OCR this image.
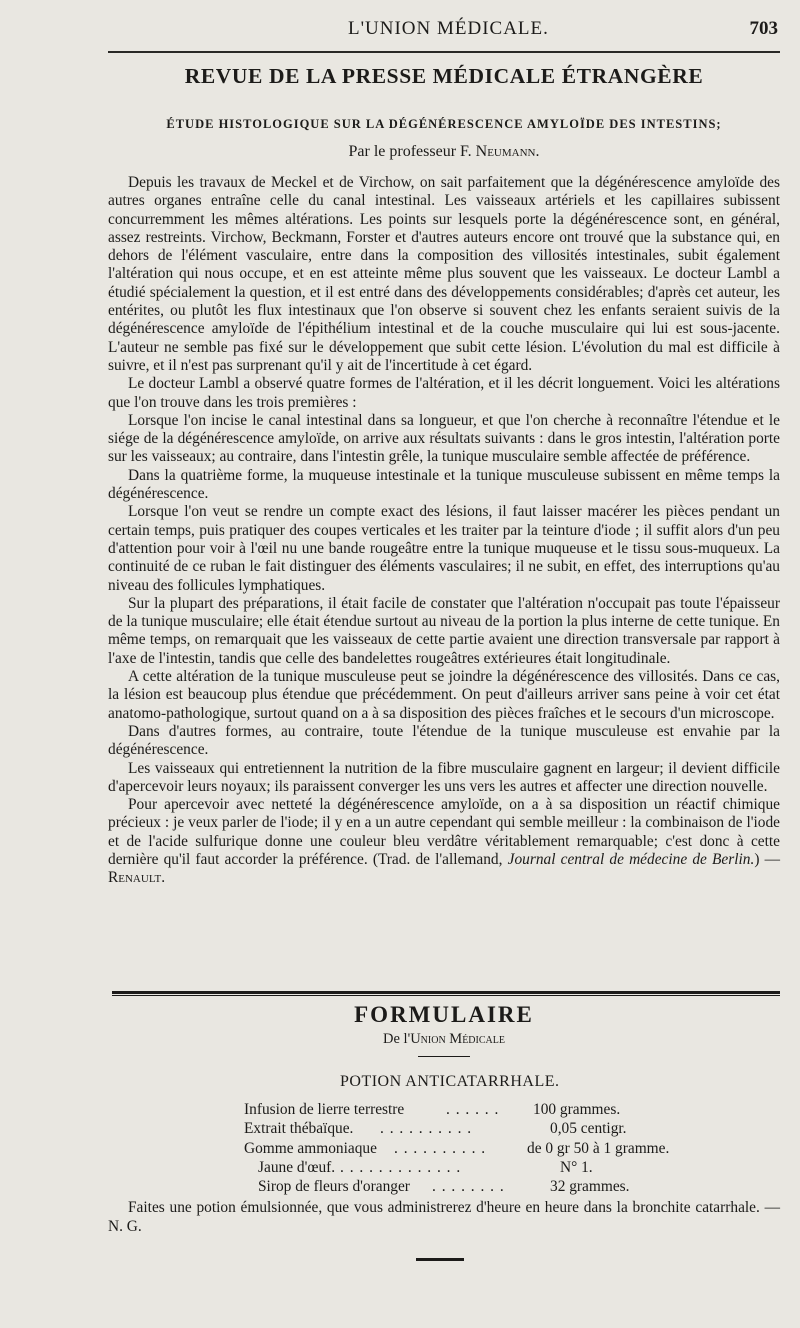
L'UNION MÉDICALE.	703
REVUE DE LA PRESSE MÉDICALE ÉTRANGÈRE
ÉTUDE HISTOLOGIQUE SUR LA DÉGÉNÉRESCENCE AMYLOÏDE DES INTESTINS;
Par le professeur F. Neumann.

Depuis les travaux de Meckel et de Virchow, on sait parfaitement que la dégénérescence amyloïde des autres organes entraîne celle du canal intestinal. Les vaisseaux artériels et les capillaires subissent concurremment les mêmes altérations. Les points sur lesquels porte la dégénérescence sont, en général, assez restreints. Virchow, Beckmann, Forster et d'autres auteurs encore ont trouvé que la substance qui, en dehors de l'élément vasculaire, entre dans la composition des villosités intestinales, subit également l'altération qui nous occupe, et en est atteinte même plus souvent que les vaisseaux. Le docteur Lambl a étudié spécialement la question, et il est entré dans des développements considérables; d'après cet auteur, les entérites, ou plutôt les flux intestinaux que l'on observe si souvent chez les enfants seraient suivis de la dégénérescence amyloïde de l'épithélium intestinal et de la couche musculaire qui lui est sous-jacente. L'auteur ne semble pas fixé sur le développement que subit cette lésion. L'évolution du mal est difficile à suivre, et il n'est pas surprenant qu'il y ait de l'incertitude à cet égard.

Le docteur Lambl a observé quatre formes de l'altération, et il les décrit longuement. Voici les altérations que l'on trouve dans les trois premières :

Lorsque l'on incise le canal intestinal dans sa longueur, et que l'on cherche à reconnaître l'étendue et le siége de la dégénérescence amyloïde, on arrive aux résultats suivants : dans le gros intestin, l'altération porte sur les vaisseaux; au contraire, dans l'intestin grêle, la tunique musculaire semble affectée de préférence.

Dans la quatrième forme, la muqueuse intestinale et la tunique musculeuse subissent en même temps la dégénérescence.

Lorsque l'on veut se rendre un compte exact des lésions, il faut laisser macérer les pièces pendant un certain temps, puis pratiquer des coupes verticales et les traiter par la teinture d'iode ; il suffit alors d'un peu d'attention pour voir à l'œil nu une bande rougeâtre entre la tunique muqueuse et le tissu sous-muqueux. La continuité de ce ruban le fait distinguer des éléments vasculaires; il ne subit, en effet, des interruptions qu'au niveau des follicules lymphatiques.

Sur la plupart des préparations, il était facile de constater que l'altération n'occupait pas toute l'épaisseur de la tunique musculaire; elle était étendue surtout au niveau de la portion la plus interne de cette tunique. En même temps, on remarquait que les vaisseaux de cette partie avaient une direction transversale par rapport à l'axe de l'intestin, tandis que celle des bandelettes rougeâtres extérieures était longitudinale.

A cette altération de la tunique musculeuse peut se joindre la dégénérescence des villosités. Dans ce cas, la lésion est beaucoup plus étendue que précédemment. On peut d'ailleurs arriver sans peine à voir cet état anatomo-pathologique, surtout quand on a à sa disposition des pièces fraîches et le secours d'un microscope.

Dans d'autres formes, au contraire, toute l'étendue de la tunique musculeuse est envahie par la dégénérescence.

Les vaisseaux qui entretiennent la nutrition de la fibre musculaire gagnent en largeur; il devient difficile d'apercevoir leurs noyaux; ils paraissent converger les uns vers les autres et affecter une direction nouvelle.

Pour apercevoir avec netteté la dégénérescence amyloïde, on a à sa disposition un réactif chimique précieux : je veux parler de l'iode; il y en a un autre cependant qui semble meilleur : la combinaison de l'iode et de l'acide sulfurique donne une couleur bleu verdâtre véritablement remarquable; c'est donc à cette dernière qu'il faut accorder la préférence. (Trad. de l'allemand, Journal central de médecine de Berlin.) — Renault.

FORMULAIRE
De l'Union Médicale
POTION ANTICATARRHALE.
Infusion de lierre terrestre	. . . . . . 100 grammes.
Extrait thébaïque. . . . . . . . . . .	0,05 centigr.
Gomme ammoniaque . . . . . . . . . .	de 0 gr 50 à 1 gramme.
Jaune d'œuf. . . . . . . . . . . . . .	N° 1.
Sirop de fleurs d'oranger . . . . . . . .	32 grammes.

Faites une potion émulsionnée, que vous administrerez d'heure en heure dans la bronchite catarrhale. — N. G.
